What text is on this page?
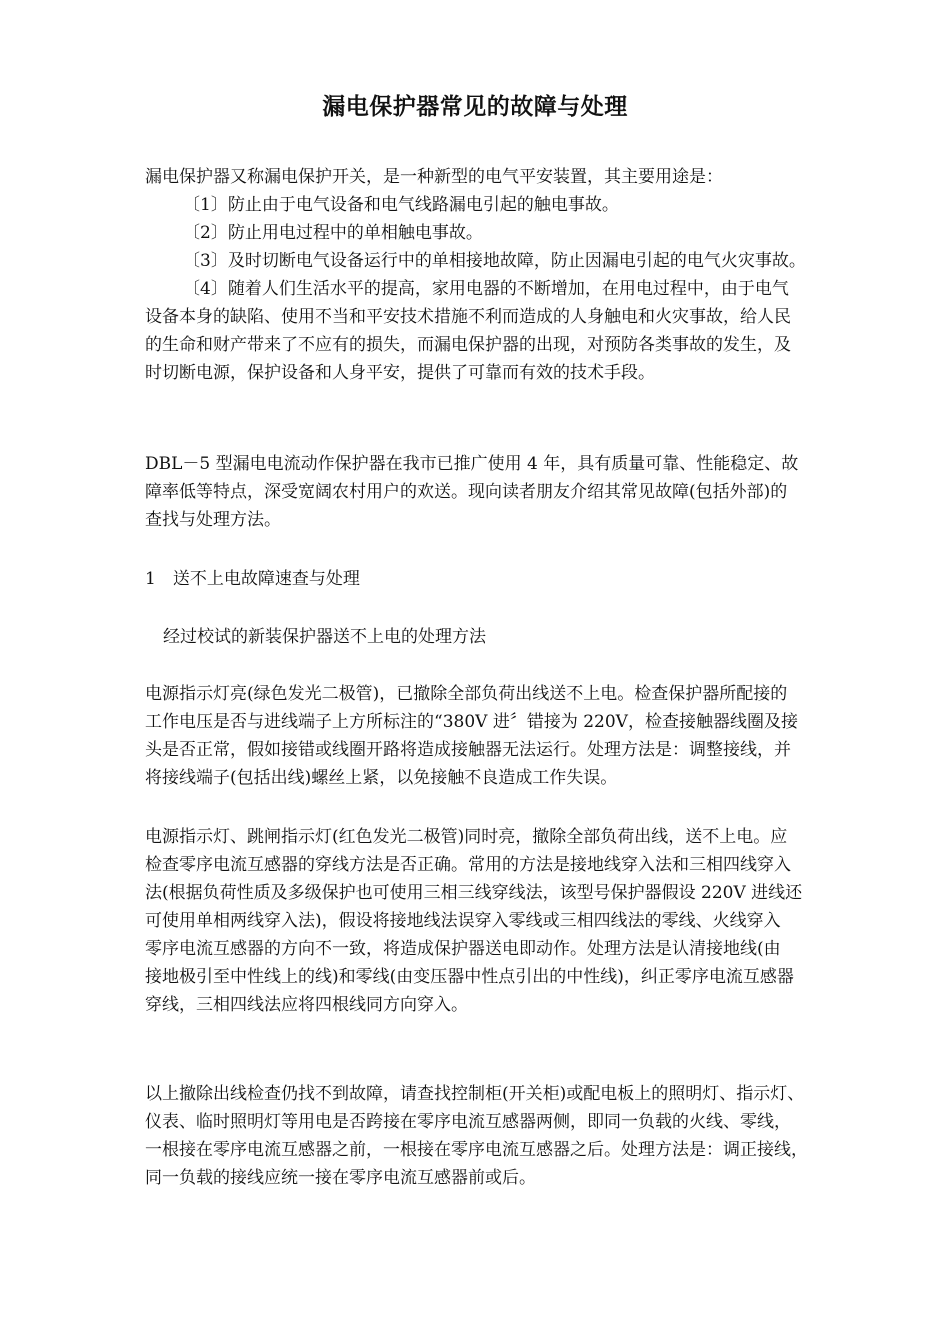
漏电保护器常见的故障与处理
漏电保护器又称漏电保护开关，是一种新型的电气平安装置，其主要用途是：
〔1〕防止由于电气设备和电气线路漏电引起的触电事故。
〔2〕防止用电过程中的单相触电事故。
〔3〕及时切断电气设备运行中的单相接地故障，防止因漏电引起的电气火灾事故。
〔4〕随着人们生活水平的提高，家用电器的不断增加，在用电过程中，由于电气
设备本身的缺陷、使用不当和平安技术措施不利而造成的人身触电和火灾事故，给人民
的生命和财产带来了不应有的损失，而漏电保护器的出现，对预防各类事故的发生，及
时切断电源，保护设备和人身平安，提供了可靠而有效的技术手段。
DBL－5 型漏电电流动作保护器在我市已推广使用 4 年，具有质量可靠、性能稳定、故
障率低等特点，深受宽阔农村用户的欢送。现向读者朋友介绍其常见故障(包括外部)的
查找与处理方法。
1　送不上电故障速查与处理
经过校试的新装保护器送不上电的处理方法
电源指示灯亮(绿色发光二极管)，已撤除全部负荷出线送不上电。检查保护器所配接的
工作电压是否与进线端子上方所标注的“380V 进〞错接为 220V，检查接触器线圈及接
头是否正常，假如接错或线圈开路将造成接触器无法运行。处理方法是：调整接线，并
将接线端子(包括出线)螺丝上紧，以免接触不良造成工作失误。
电源指示灯、跳闸指示灯(红色发光二极管)同时亮，撤除全部负荷出线，送不上电。应
检查零序电流互感器的穿线方法是否正确。常用的方法是接地线穿入法和三相四线穿入
法(根据负荷性质及多级保护也可使用三相三线穿线法，该型号保护器假设 220V 进线还
可使用单相两线穿入法)，假设将接地线法误穿入零线或三相四线法的零线、火线穿入
零序电流互感器的方向不一致，将造成保护器送电即动作。处理方法是认清接地线(由
接地极引至中性线上的线)和零线(由变压器中性点引出的中性线)，纠正零序电流互感器
穿线，三相四线法应将四根线同方向穿入。
以上撤除出线检查仍找不到故障，请查找控制柜(开关柜)或配电板上的照明灯、指示灯、
仪表、临时照明灯等用电是否跨接在零序电流互感器两侧，即同一负载的火线、零线，
一根接在零序电流互感器之前，一根接在零序电流互感器之后。处理方法是：调正接线，
同一负载的接线应统一接在零序电流互感器前或后。
